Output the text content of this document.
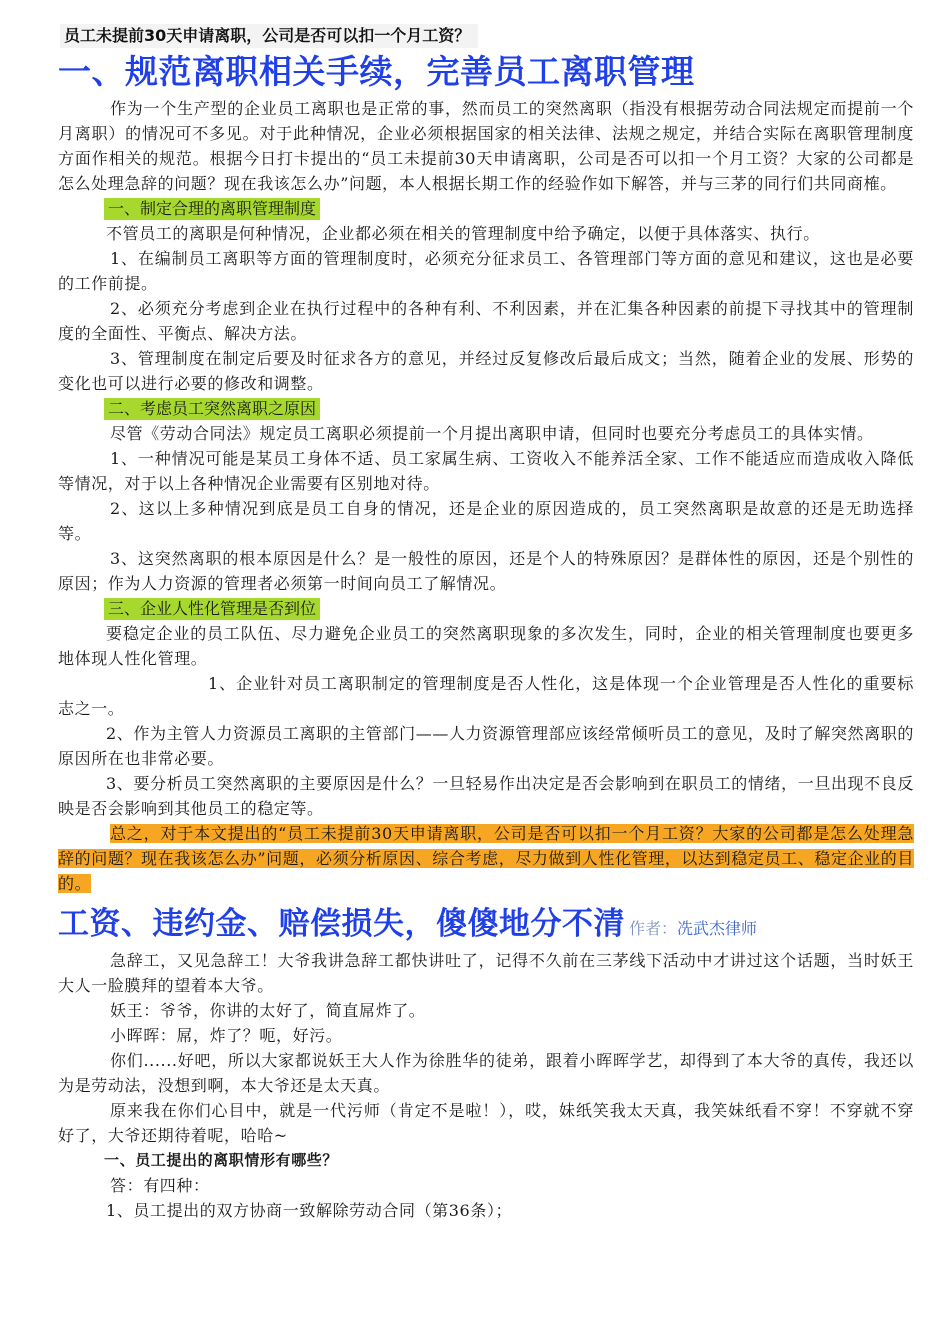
员工未提前30天申请离职，公司是否可以扣一个月工资？
一、规范离职相关手续，完善员工离职管理

作为一个生产型的企业员工离职也是正常的事，然而员工的突然离职（指没有根据劳动合同法规定而提前一个月离职）的情况可不多见。对于此种情况，企业必须根据国家的相关法律、法规之规定，并结合实际在离职管理制度方面作相关的规范。根据今日打卡提出的“员工未提前30天申请离职，公司是否可以扣一个月工资？大家的公司都是怎么处理急辞的问题？现在我该怎么办”问题，本人根据长期工作的经验作如下解答，并与三茅的同行们共同商榷。

一、制定合理的离职管理制度

不管员工的离职是何种情况，企业都必须在相关的管理制度中给予确定，以便于具体落实、执行。

1、在编制员工离职等方面的管理制度时，必须充分征求员工、各管理部门等方面的意见和建议，这也是必要的工作前提。

2、必须充分考虑到企业在执行过程中的各种有利、不利因素，并在汇集各种因素的前提下寻找其中的管理制度的全面性、平衡点、解决方法。

3、管理制度在制定后要及时征求各方的意见，并经过反复修改后最后成文；当然，随着企业的发展、形势的变化也可以进行必要的修改和调整。

二、考虑员工突然离职之原因

尽管《劳动合同法》规定员工离职必须提前一个月提出离职申请，但同时也要充分考虑员工的具体实情。

1、一种情况可能是某员工身体不适、员工家属生病、工资收入不能养活全家、工作不能适应而造成收入降低等情况，对于以上各种情况企业需要有区别地对待。

2、这以上多种情况到底是员工自身的情况，还是企业的原因造成的，员工突然离职是故意的还是无助选择等。

3、这突然离职的根本原因是什么？是一般性的原因，还是个人的特殊原因？是群体性的原因，还是个别性的原因；作为人力资源的管理者必须第一时间向员工了解情况。

三、企业人性化管理是否到位

要稳定企业的员工队伍、尽力避免企业员工的突然离职现象的多次发生，同时，企业的相关管理制度也要更多地体现人性化管理。

1、企业针对员工离职制定的管理制度是否人性化，这是体现一个企业管理是否人性化的重要标志之一。

2、作为主管人力资源员工离职的主管部门——人力资源管理部应该经常倾听员工的意见，及时了解突然离职的原因所在也非常必要。

3、要分析员工突然离职的主要原因是什么？一旦轻易作出决定是否会影响到在职员工的情绪，一旦出现不良反映是否会影响到其他员工的稳定等。

总之，对于本文提出的“员工未提前30天申请离职，公司是否可以扣一个月工资？大家的公司都是怎么处理急辞的问题？现在我该怎么办”问题，必须分析原因、综合考虑，尽力做到人性化管理，以达到稳定员工、稳定企业的目的。

工资、违约金、赔偿损失，傻傻地分不清 作者：冼武杰律师

急辞工，又见急辞工！大爷我讲急辞工都快讲吐了，记得不久前在三茅线下活动中才讲过这个话题，当时妖王大人一脸膜拜的望着本大爷。

妖王：爷爷，你讲的太好了，简直屌炸了。

小晖晖：屌，炸了？呃，好污。

你们......好吧，所以大家都说妖王大人作为徐胜华的徒弟，跟着小晖晖学艺，却得到了本大爷的真传，我还以为是劳动法，没想到啊，本大爷还是太天真。

原来我在你们心目中，就是一代污师（肯定不是啦！），哎，妹纸笑我太天真，我笑妹纸看不穿！不穿就不穿好了，大爷还期待着呢，哈哈~

一、员工提出的离职情形有哪些？

答：有四种：

1、员工提出的双方协商一致解除劳动合同（第36条）；
